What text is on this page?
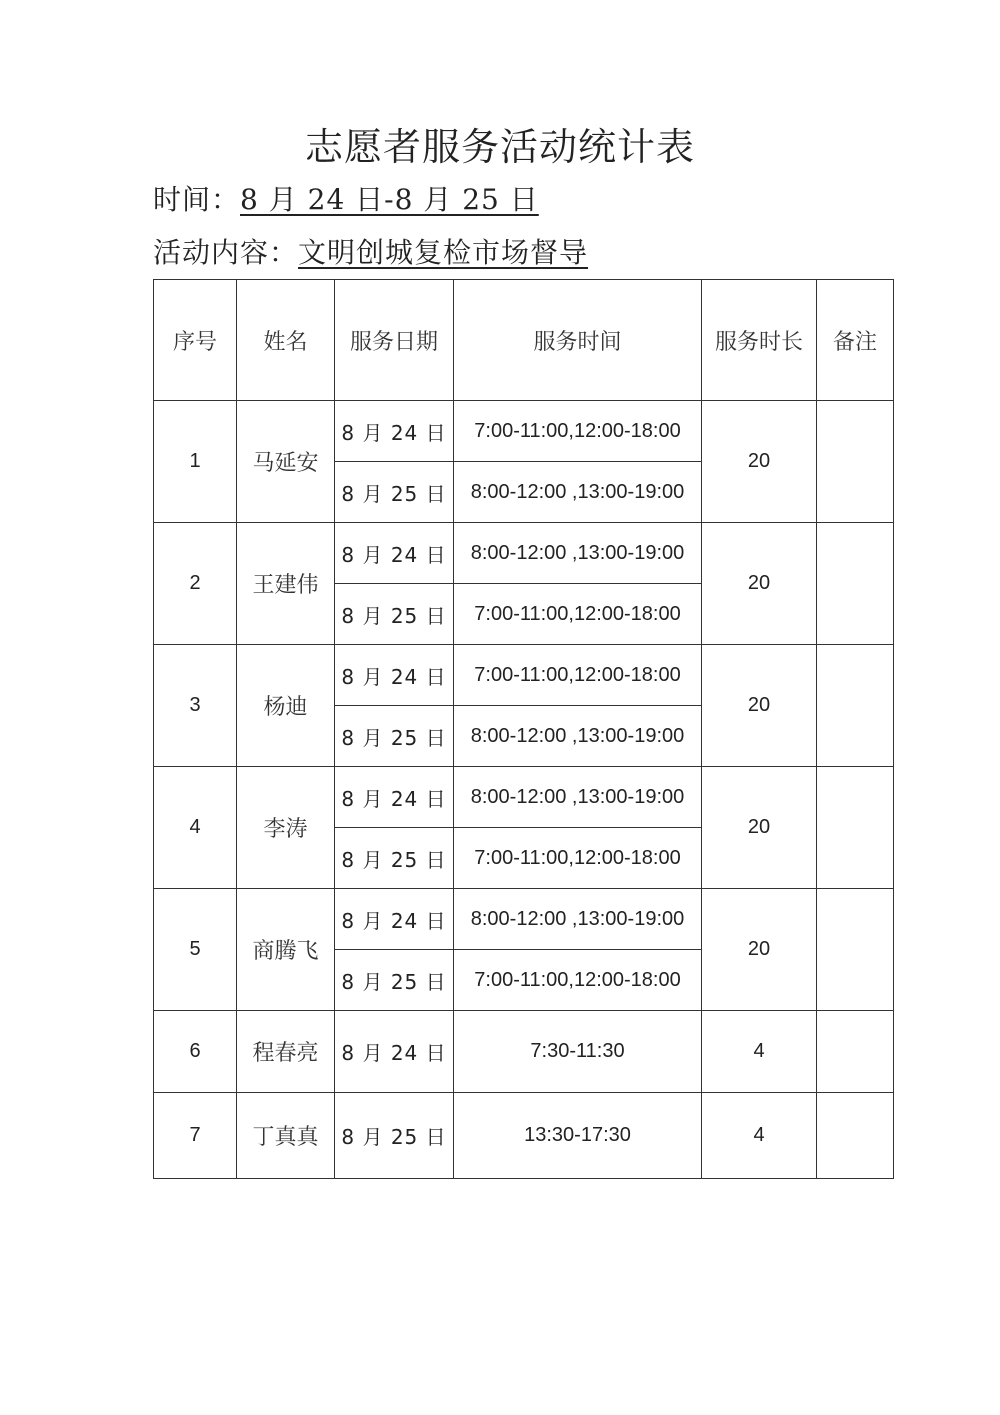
志愿者服务活动统计表
时间：8 月 24 日-8 月 25 日
活动内容：文明创城复检市场督导
序号	姓名	服务日期	服务时间	服务时长	备注
1	马延安	8 月 24 日	7:00-11:00,12:00-18:00	20	
		8 月 25 日	8:00-12:00 ,13:00-19:00		
2	王建伟	8 月 24 日	8:00-12:00 ,13:00-19:00	20	
		8 月 25 日	7:00-11:00,12:00-18:00		
3	杨迪	8 月 24 日	7:00-11:00,12:00-18:00	20	
		8 月 25 日	8:00-12:00 ,13:00-19:00		
4	李涛	8 月 24 日	8:00-12:00 ,13:00-19:00	20	
		8 月 25 日	7:00-11:00,12:00-18:00		
5	商腾飞	8 月 24 日	8:00-12:00 ,13:00-19:00	20	
		8 月 25 日	7:00-11:00,12:00-18:00		
6	程春亮	8 月 24 日	7:30-11:30	4	
7	丁真真	8 月 25 日	13:30-17:30	4	
